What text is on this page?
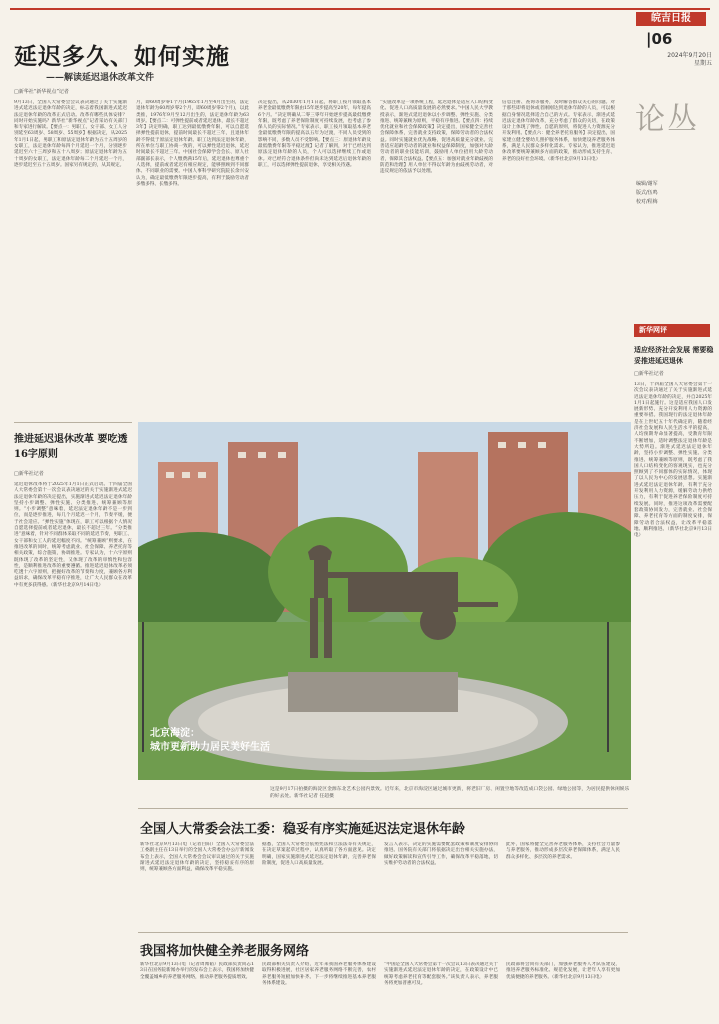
皖吉日报
|06
2024年9月20日
星期五
论丛
编辑/谢军
版式/伍鸣
校对/程梅
延迟多久、如何实施
——解读延迟退休改革文件
□新华社“新华视点”记者
9月13日，全国人大常委会会议表决通过了关于实施渐进式延迟法定退休年龄的决定，标志着我国渐进式延迟法定退休年龄的改革正式启动。改革有哪些具体安排？同时开始实施吗？新华社“新华视点”记者采访有关部门和专家进行解读。【要点一：男职工、女干部、女工人分别延至63周岁、58周岁、55周岁】根据决定，从2025年1月1日起，男职工和原法定退休年龄为五十五周岁的女职工，法定退休年龄每四个月延迟一个月，分别逐步延迟至六十三周岁和五十八周岁；原法定退休年龄为五十周岁的女职工，法定退休年龄每二个月延迟一个月，逐步延迟至五十五周岁。国家另有规定的，从其规定。
月，即60周岁零1个月(1965年1月至4月出生的，法定退休年龄为60周岁零2个月，即60周岁零2个月)，以此类推，1976年9月至12月出生的，法定退休年龄为63周岁。【要点二：可弹性提前或者延迟退休，最长不超过3年】决定明确，职工达到最低缴费年限，可以自愿选择弹性提前退休，提前时间最长不超过三年，且退休年龄不得低于原法定退休年龄。职工达到法定退休年龄，所在单位与职工协商一致的，可以弹性延迟退休，延迟时间最长不超过三年。中国社会保障学会会长、原人社部副部长表示，个人缴费满15年后，延迟退休也尊重个人选择，提前或者延迟有相应规定，能够照顾到不同群体、不同职业的需要。中国人事科学研究院院长余兴安认为，确定最低缴费年限逐步提高，有利于鼓励劳动者多缴多得、长缴多得。
决定提出，从2030年1月1日起，将职工按月领取基本养老金最低缴费年限由15年逐步提高至20年，每年提高6个月。“决定明确从二零三零年开始逐步提高最低缴费年限，既考虑了养老保险制度可持续发展，也考虑了参保人员的实际情况。”专家表示，职工按月领取基本养老金最低缴费年限的提高以五年为过渡，不同人员受到的影响不同，多数人员不受影响。【要点三：原退休年龄及最低缴费年限等平稳过渡】记者了解到，对于已经达到原法定退休年龄的人员，个人可以选择继续工作或退休。对已经符合退休条件但尚未达到延迟后退休年龄的职工，可以选择弹性提前退休，享受相关待遇。
“实施改革是一项系统工程，延迟退休是适应人口结构变化、促进人口高质量发展的必然要求。”中国人民大学教授表示，渐进式延迟退休以小步调整、弹性实施、分类推进、统筹兼顾为原则，平稳有序推进。【要点四：持续优化就业和社会保障政策】决定提出，国家健全完善社会保障体系，完善就业支持政策，保障劳动者的合法权益。同时实施就业优先战略，促进高质量充分就业。完善适应超龄劳动者的就业和权益保障制度，加强对大龄劳动者的职业技能培训，鼓励用人单位招用大龄劳动者，保障其合法权益。【要点五：加强对就业年龄歧视的防范和治理】用人单位不得以年龄为由歧视劳动者，对违反规定的依法予以处理。
信息注册、查询等服务，及时解答群众关心的问题。对于那些即将退休或者刚刚达到退休年龄的人员，可以根据自身情况选择适合自己的方式。专家表示，渐进式延迟法定退休年龄改革，充分考虑了群众的关切，在政策设计上体现了弹性、自愿的原则，将促进人力资源充分开发利用。【要点六：健全养老托育服务】决定提出，国家建立健全婴幼儿照护服务体系，加快建设养老服务体系，满足人民群众多样化需求。专家认为，推进延迟退休改革要统筹兼顾多方面的政策，推动形成支持生育、养老的良好社会环境。（新华社北京9月13日电）
新华网评
适应经济社会发展 需要稳妥推进延迟退休
□新华社记者
13日，十四届全国人大常委会第十一次会议表决通过了关于实施渐进式延迟法定退休年龄的决定，并自2025年1月1日起施行。这是适应我国人口发展新形势、充分开发利用人力资源的重要举措。我国现行的法定退休年龄是在上世纪五十年代确定的，随着经济社会发展和人民生活水平的提高，人均预期寿命显著提高，受教育年限不断增加，适时调整法定退休年龄是大势所趋。渐进式延迟法定退休年龄，坚持小步调整、弹性实施、分类推进、统筹兼顾等原则，既考虑了我国人口结构变化的客观现实，也充分照顾到了不同群体的实际情况，体现了以人民为中心的发展思想。实施渐进式延迟法定退休年龄，有利于充分开发利用人力资源，缓解劳动力供给压力，有利于促进养老保险制度可持续发展。同时，推进这项改革需要配套政策协同发力，完善就业、社会保障、养老托育等方面的制度安排，保障劳动者合法权益，让改革平稳落地、顺利推进。（新华社北京9月13日电）
推进延迟退休改革 要吃透16字原则
□新华社记者
延迟退休改革将于2025年1月1日正式启动。十四届全国人大常委会第十一次会议表决通过的关于实施渐进式延迟法定退休年龄的决定提出，实施渐进式延迟法定退休年龄坚持小步调整、弹性实施、分类推进、统筹兼顾等原则。“小步调整”意味着，延迟法定退休年龄不是一步到位，而是逐步推进，每几个月延迟一个月，节奏平缓，便于社会适应。“弹性实施”体现在，职工可以根据个人情况自愿选择提前或者延迟退休，最长不超过三年。“分类推进”意味着，针对不同群体采取不同的延迟节奏，男职工、女干部和女工人的延迟幅度不同。“统筹兼顾”则要求，在推进改革的同时，统筹考虑就业、社会保障、养老托育等相关政策，综合施策，协调推进。专家认为，十六字原则既体现了改革的坚定性，又体现了改革的审慎性和包容性，是顺利推进改革的重要遵循。推进延迟退休改革必须吃透十六字原则，把握好改革的节奏和力度，兼顾各方利益诉求，确保改革平稳有序推进，让广大人民群众在改革中有更多获得感。（新华社北京9月14日电）
北京海淀：
城市更新助力居民美好生活
这是9月17日拍摄的海淀区金源东北艺术公园内景致。近年来，北京市海淀区通过城市更新，将老旧厂房、闲置空地等改造成口袋公园、绿地公园等，为居民提供休闲娱乐的好去处。新华社记者 任超摄
全国人大常委会法工委：稳妥有序实施延迟法定退休年龄
新华社北京9月13日电（记者白阳）全国人大常委会法工委副主任在13日举行的全国人大常委会办公厅新闻发布会上表示，全国人大常委会会议审议通过的关于实施渐进式延迟法定退休年龄的决定，坚持稳妥有序的原则，统筹兼顾各方面利益，确保改革平稳实施。
据悉，全国人大常委会依照宪法和立法法等有关规定，在决定草案起草过程中，认真听取了各方面意见。决定明确，国家实施渐进式延迟法定退休年龄，完善养老保险制度，促进人口高质量发展。
发言人表示，决定的实施需要配套政策和制度安排协同推进。国务院有关部门将依据决定出台相关实施办法，做好政策解读和宣传引导工作，确保改革平稳落地，切实维护劳动者的合法权益。
此外，国家将健全完善养老服务体系，支持社会力量参与养老服务，推动形成多层次养老保障体系，满足人民群众多样化、多层次的养老需求。
我国将加快健全养老服务网络
新华社北京9月13日电（记者周闻韬）民政部负责同志13日在国务院新闻办举行的发布会上表示，我国将加快健全覆盖城乡的养老服务网络，推动养老服务提质增效。
民政部相关负责人介绍，近年来我国养老服务体系建设取得积极进展，社区居家养老服务网络不断完善，农村养老服务短板加快补齐。下一步将继续推进基本养老服务体系建设。
“中国是全国人大常委会第十一次会议13日表决通过关于实施渐进式延迟法定退休年龄的决定，在政策设计中已统筹考虑养老托育等配套服务。”该负责人表示，养老服务将更加普惠可及。
民政部将会同有关部门，加强养老服务人才队伍建设，推进养老服务标准化、规范化发展，让老年人享有更加优质便捷的养老服务。（新华社北京9月13日电）
